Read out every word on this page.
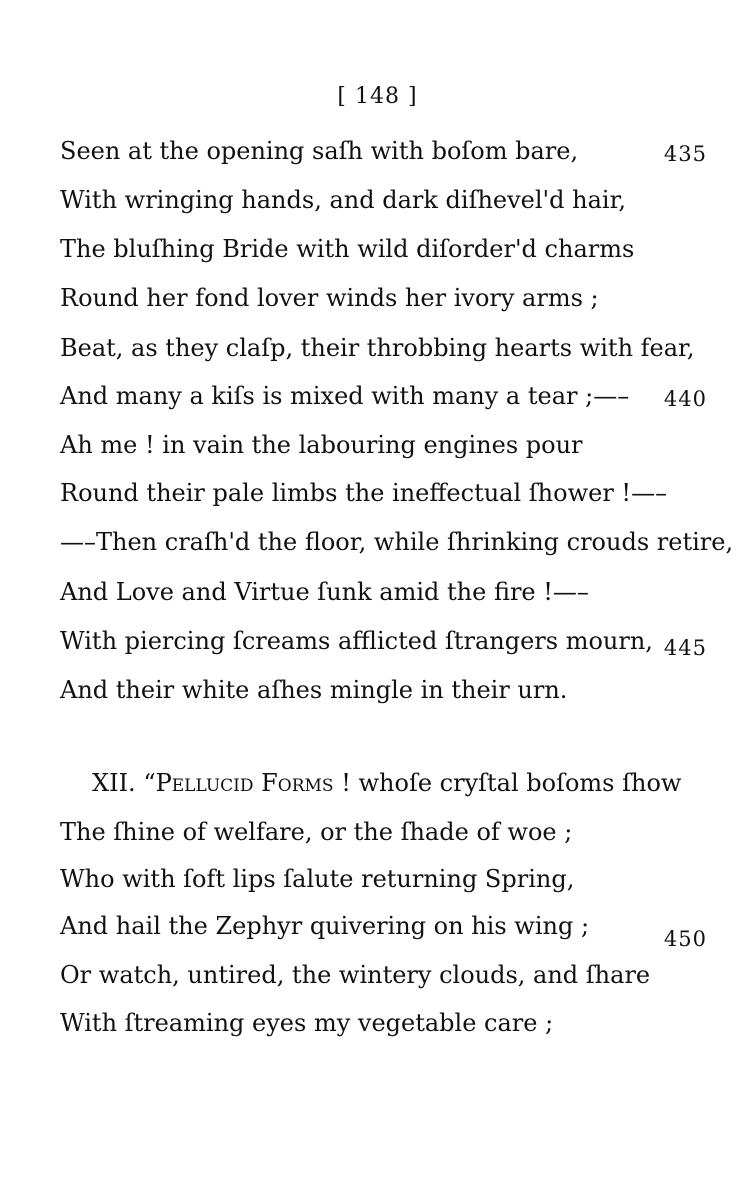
[ 148 ]
Seen at the opening saſh with boſom bare,	435
With wringing hands, and dark diſhevel'd hair,
The bluſhing Bride with wild diſorder'd charms
Round her fond lover winds her ivory arms ;
Beat, as they claſp, their throbbing hearts with fear,
And many a kiſs is mixed with many a tear ;—– 440
Ah me ! in vain the labouring engines pour
Round their pale limbs the ineffectual ſhower !—–
—–Then craſh'd the floor, while ſhrinking crouds retire,
And Love and Virtue ſunk amid the fire !—–
With piercing ſcreams afflicted ſtrangers mourn, 445
And their white aſhes mingle in their urn.
XII. “Pellucid Forms ! whoſe cryſtal boſoms ſhow
The ſhine of welfare, or the ſhade of woe ;
Who with ſoft lips ſalute returning Spring,
And hail the Zephyr quivering on his wing ;	450
Or watch, untired, the wintery clouds, and ſhare
With ſtreaming eyes my vegetable care ;
